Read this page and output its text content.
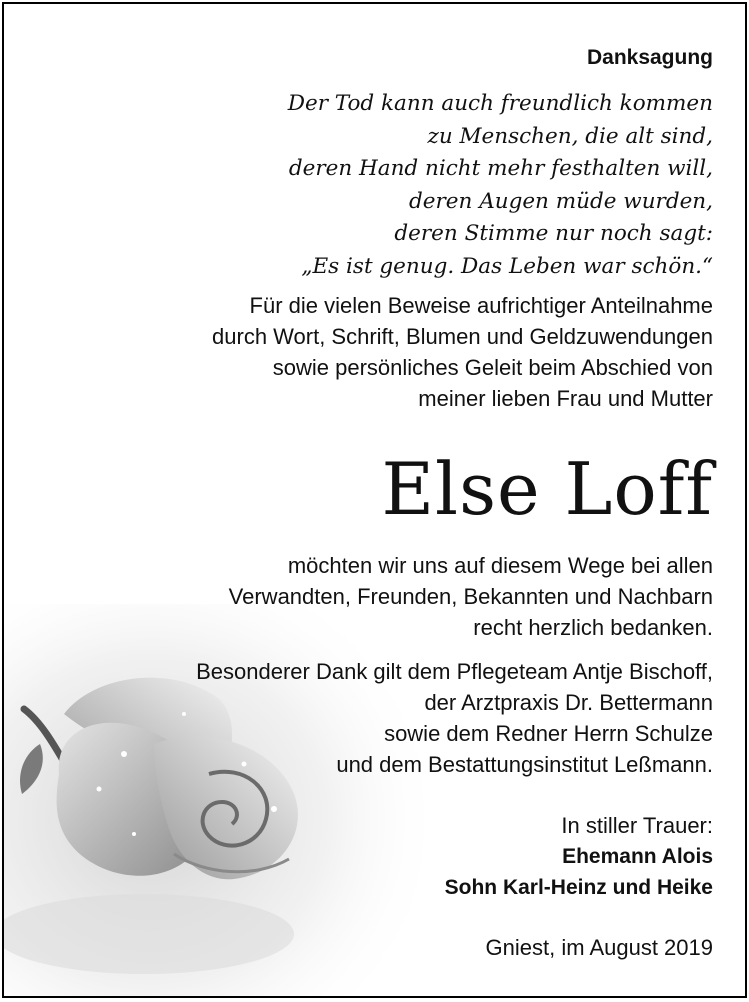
Danksagung
Der Tod kann auch freundlich kommen
zu Menschen, die alt sind,
deren Hand nicht mehr festhalten will,
deren Augen müde wurden,
deren Stimme nur noch sagt:
„Es ist genug. Das Leben war schön.“
Für die vielen Beweise aufrichtiger Anteilnahme
durch Wort, Schrift, Blumen und Geldzuwendungen
sowie persönliches Geleit beim Abschied von
meiner lieben Frau und Mutter
Else Loff
möchten wir uns auf diesem Wege bei allen
Verwandten, Freunden, Bekannten und Nachbarn
recht herzlich bedanken.
Besonderer Dank gilt dem Pflegeteam Antje Bischoff,
der Arztpraxis Dr. Bettermann
sowie dem Redner Herrn Schulze
und dem Bestattungsinstitut Leßmann.
In stiller Trauer:
Ehemann Alois
Sohn Karl-Heinz und Heike
Gniest, im August 2019
